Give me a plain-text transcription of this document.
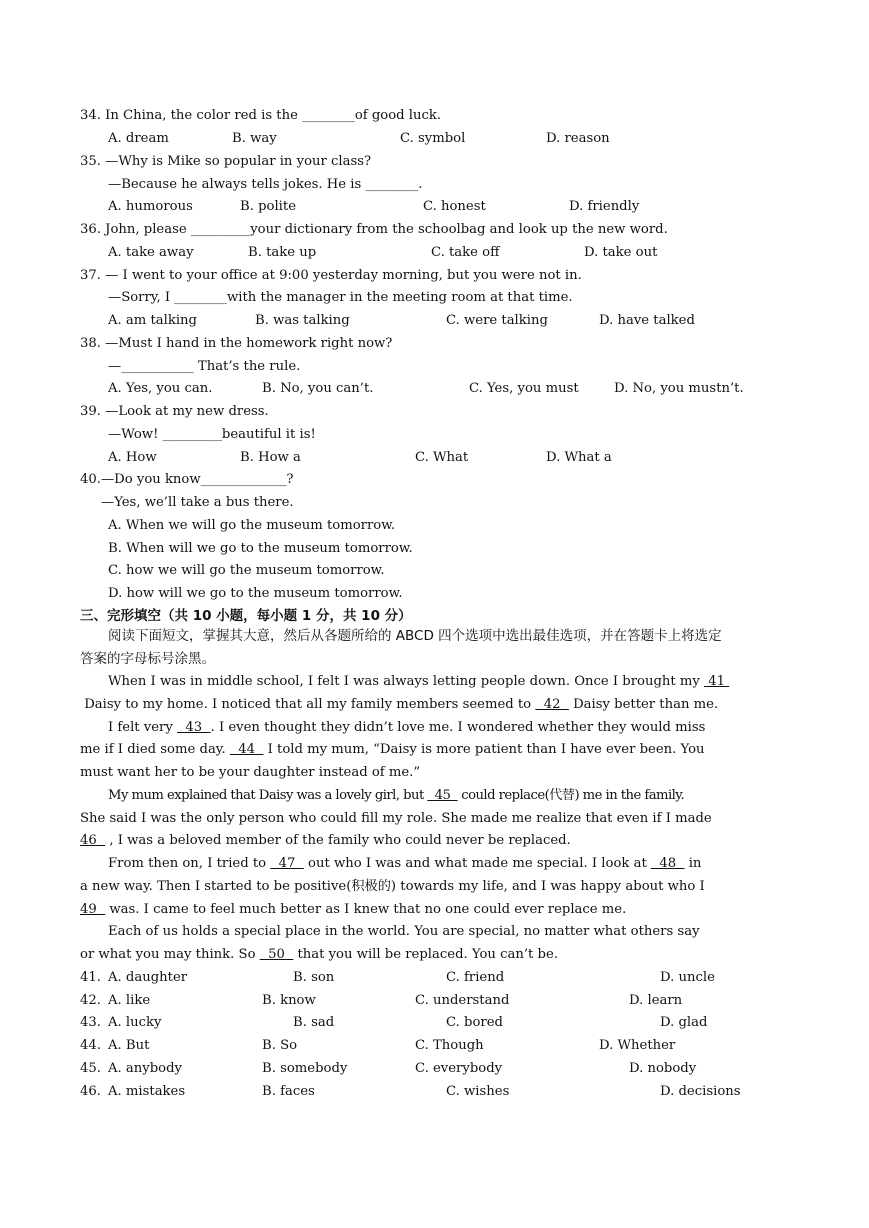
34. In China, the color red is the ________of good luck.
A. dream	B. way	C. symbol	D. reason
35. —Why is Mike so popular in your class?
—Because he always tells jokes. He is ________.
A. humorous	B. polite	C. honest	D. friendly
36. John, please _________your dictionary from the schoolbag and look up the new word.
A. take away	B. take up	C. take off	D. take out
37. — I went to your office at 9:00 yesterday morning, but you were not in.
—Sorry, I ________with the manager in the meeting room at that time.
A. am talking	B. was talking	C. were talking	D. have talked
38. —Must I hand in the homework right now?
—___________ That’s the rule.
A. Yes, you can.	B. No, you can’t.	C. Yes, you must	D. No, you mustn’t.
39. —Look at my new dress.
—Wow! _________beautiful it is!
A. How	B. How a	C. What	D. What a
40.—Do you know_____________?
—Yes, we’ll take a bus there.
A. When we will go the museum tomorrow.
B. When will we go to the museum tomorrow.
C. how we will go the museum tomorrow.
D. how will we go to the museum tomorrow.
三、完形填空（共 10 小题，每小题 1 分，共 10 分）
阅读下面短文，掌握其大意，然后从各题所给的 ABCD 四个选项中选出最佳选项，并在答题卡上将选定
答案的字母标号涂黑。
When I was in middle school, I felt I was always letting people down. Once I brought my  41
Daisy to my home. I noticed that all my family members seemed to   42   Daisy better than me.
I felt very   43  . I even thought they didn’t love me. I wondered whether they would miss
me if I died some day.   44   I told my mum, “Daisy is more patient than I have ever been. You
must want her to be your daughter instead of me.”
My mum explained that Daisy was a lovely girl, but   45   could replace(代替) me in the family.
She said I was the only person who could fill my role. She made me realize that even if I made
46   , I was a beloved member of the family who could never be replaced.
From then on, I tried to   47   out who I was and what made me special. I look at   48   in
a new way. Then I started to be positive(积极的) towards my life, and I was happy about who I
49   was. I came to feel much better as I knew that no one could ever replace me.
Each of us holds a special place in the world. You are special, no matter what others say
or what you may think. So   50   that you will be replaced. You can’t be.
41. A. daughter	B. son	C. friend	D. uncle
42. A. like	B. know	C. understand	D. learn
43. A. lucky	B. sad	C. bored	D. glad
44. A. But	B. So	C. Though	D. Whether
45. A. anybody	B. somebody	C. everybody	D. nobody
46. A. mistakes	B. faces	C. wishes	D. decisions
